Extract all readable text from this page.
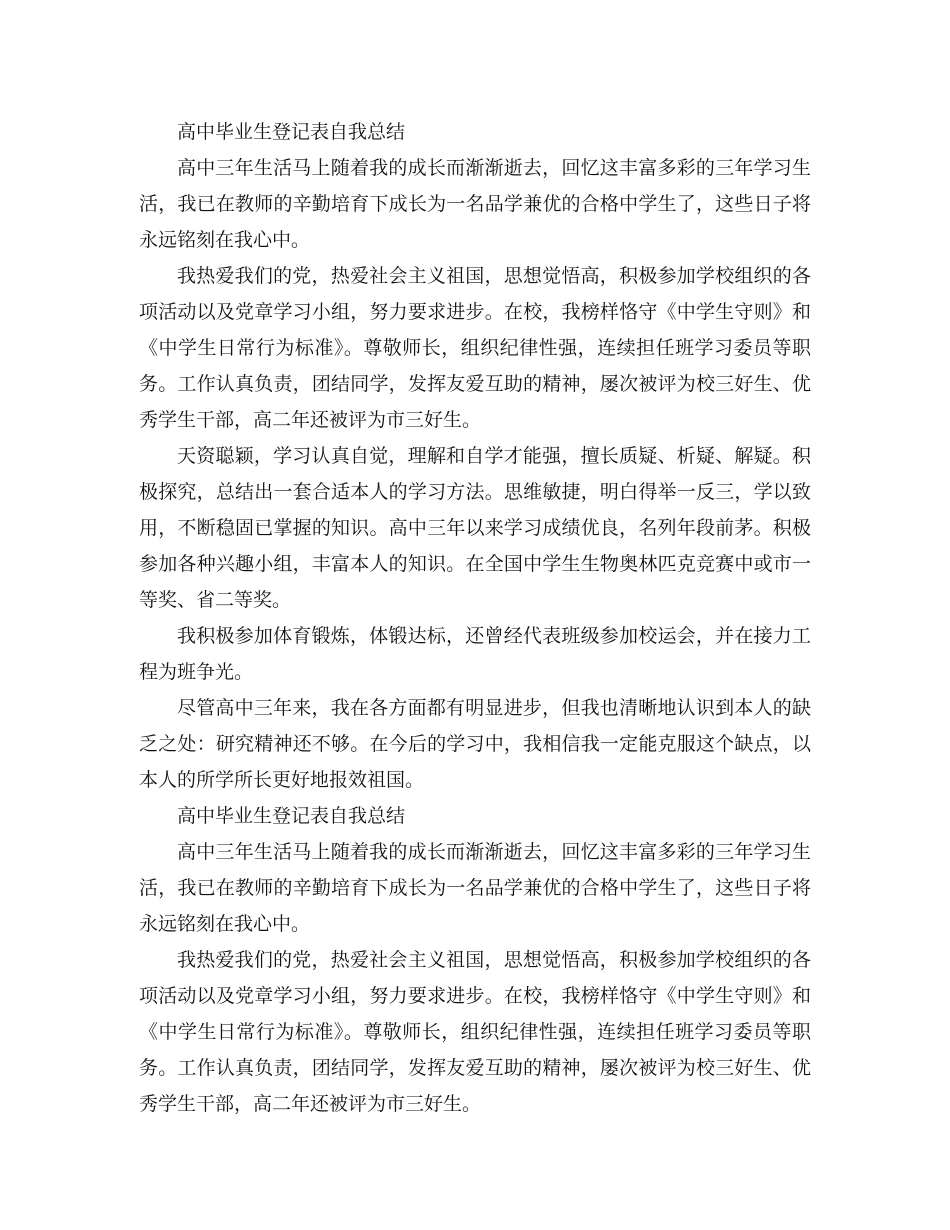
高中毕业生登记表自我总结

高中三年生活马上随着我的成长而渐渐逝去，回忆这丰富多彩的三年学习生活，我已在教师的辛勤培育下成长为一名品学兼优的合格中学生了，这些日子将永远铭刻在我心中。

我热爱我们的党，热爱社会主义祖国，思想觉悟高，积极参加学校组织的各项活动以及党章学习小组，努力要求进步。在校，我榜样恪守《中学生守则》和《中学生日常行为标准》。尊敬师长，组织纪律性强，连续担任班学习委员等职务。工作认真负责，团结同学，发挥友爱互助的精神，屡次被评为校三好生、优秀学生干部，高二年还被评为市三好生。

天资聪颖，学习认真自觉，理解和自学才能强，擅长质疑、析疑、解疑。积极探究，总结出一套合适本人的学习方法。思维敏捷，明白得举一反三，学以致用，不断稳固已掌握的知识。高中三年以来学习成绩优良，名列年段前茅。积极参加各种兴趣小组，丰富本人的知识。在全国中学生生物奥林匹克竞赛中或市一等奖、省二等奖。

我积极参加体育锻炼，体锻达标，还曾经代表班级参加校运会，并在接力工程为班争光。

尽管高中三年来，我在各方面都有明显进步，但我也清晰地认识到本人的缺乏之处：研究精神还不够。在今后的学习中，我相信我一定能克服这个缺点，以本人的所学所长更好地报效祖国。

高中毕业生登记表自我总结

高中三年生活马上随着我的成长而渐渐逝去，回忆这丰富多彩的三年学习生活，我已在教师的辛勤培育下成长为一名品学兼优的合格中学生了，这些日子将永远铭刻在我心中。

我热爱我们的党，热爱社会主义祖国，思想觉悟高，积极参加学校组织的各项活动以及党章学习小组，努力要求进步。在校，我榜样恪守《中学生守则》和《中学生日常行为标准》。尊敬师长，组织纪律性强，连续担任班学习委员等职务。工作认真负责，团结同学，发挥友爱互助的精神，屡次被评为校三好生、优秀学生干部，高二年还被评为市三好生。
